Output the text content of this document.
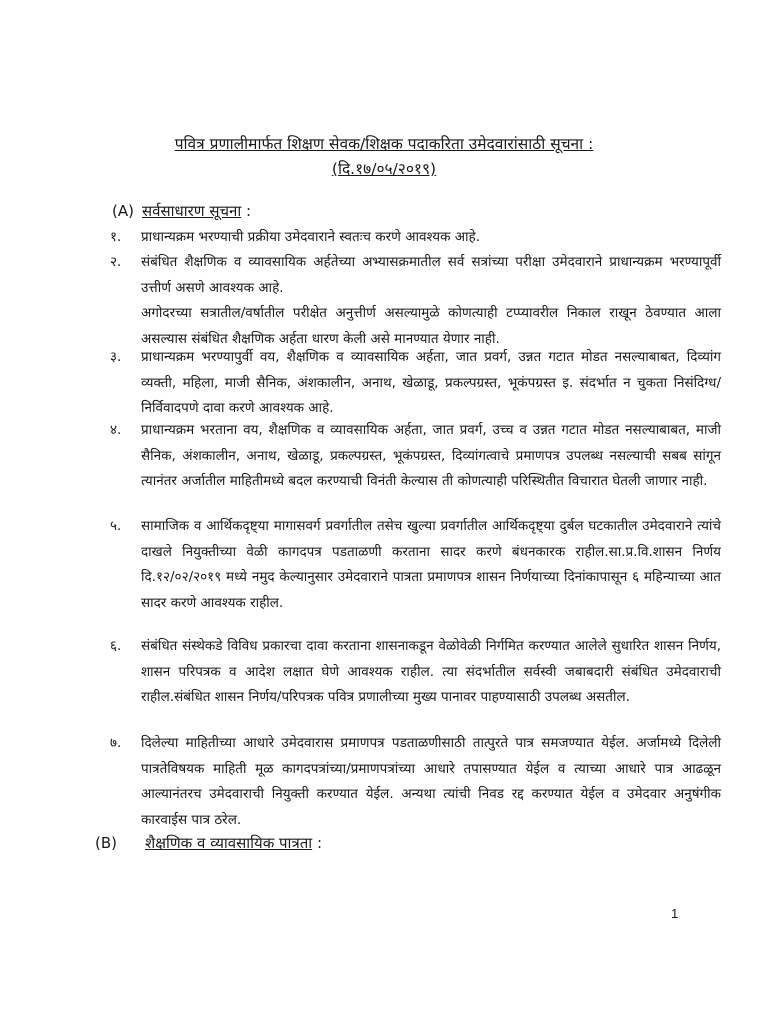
पवित्र प्रणालीमार्फत शिक्षण सेवक/शिक्षक पदाकरिता उमेदवारांसाठी सूचना :
(दि.१७/०५/२०१९)
(A) सर्वसाधारण सूचना :
१. प्राधान्यक्रम भरण्याची प्रक्रीया उमेदवाराने स्वतःच करणे आवश्यक आहे.

२. संबंधित शैक्षणिक व व्यावसायिक अर्हतेच्या अभ्यासक्रमातील सर्व सत्रांच्या परीक्षा उमेदवाराने प्राधान्यक्रम भरण्यापूर्वी उत्तीर्ण असणे आवश्यक आहे.

अगोदरच्या सत्रातील/वर्षातील परीक्षेत अनुत्तीर्ण असल्यामुळे कोणत्याही टप्प्यावरील निकाल राखून ठेवण्यात आला असल्यास संबंधित शैक्षणिक अर्हता धारण केली असे मानण्यात येणार नाही.

३. प्राधान्यक्रम भरण्यापुर्वी वय, शैक्षणिक व व्यावसायिक अर्हता, जात प्रवर्ग, उन्नत गटात मोडत नसल्याबाबत, दिव्यांग व्यक्ती, महिला, माजी सैनिक, अंशकालीन, अनाथ, खेळाडू, प्रकल्पग्रस्त, भूकंपग्रस्त इ. संदर्भात न चुकता निसंदिग्ध/निर्विवादपणे दावा करणे आवश्यक आहे.

४. प्राधान्यक्रम भरताना वय, शैक्षणिक व व्यावसायिक अर्हता, जात प्रवर्ग, उच्च व उन्नत गटात मोडत नसल्याबाबत, माजी सैनिक, अंशकालीन, अनाथ, खेळाडू, प्रकल्पग्रस्त, भूकंपग्रस्त, दिव्यांगत्वाचे प्रमाणपत्र उपलब्ध नसल्याची सबब सांगून त्यानंतर अर्जातील माहितीमध्ये बदल करण्याची विनंती केल्यास ती कोणत्याही परिस्थितीत विचारात घेतली जाणार नाही.

५. सामाजिक व आर्थिकदृष्ट्या मागासवर्ग प्रवर्गातील तसेच खुल्या प्रवर्गातील आर्थिकदृष्ट्या दुर्बल घटकातील उमेदवाराने त्यांचे दाखले नियुक्तीच्या वेळी कागदपत्र पडताळणी करताना सादर करणे बंधनकारक राहील.सा.प्र.वि.शासन निर्णय दि.१२/०२/२०१९ मध्ये नमुद केल्यानुसार उमेदवाराने पात्रता प्रमाणपत्र शासन निर्णयाच्या दिनांकापासून ६ महिन्याच्या आत सादर करणे आवश्यक राहील.

६. संबंधित संस्थेकडे विविध प्रकारचा दावा करताना शासनाकडून वेळोवेळी निर्गमित करण्यात आलेले सुधारित शासन निर्णय, शासन परिपत्रक व आदेश लक्षात घेणे आवश्यक राहील. त्या संदर्भातील सर्वस्वी जबाबदारी संबंधित उमेदवाराची राहील.संबंधित शासन निर्णय/परिपत्रक पवित्र प्रणालीच्या मुख्य पानावर पाहण्यासाठी उपलब्ध असतील.

७. दिलेल्या माहितीच्या आधारे उमेदवारास प्रमाणपत्र पडताळणीसाठी तात्पुरते पात्र समजण्यात येईल. अर्जामध्ये दिलेली पात्रतेविषयक माहिती मूळ कागदपत्रांच्या/प्रमाणपत्रांच्या आधारे तपासण्यात येईल व त्याच्या आधारे पात्र आढळून आल्यानंतरच उमेदवाराची नियुक्ती करण्यात येईल. अन्यथा त्यांची निवड रद्द करण्यात येईल व उमेदवार अनुषंगीक कारवाईस पात्र ठरेल.

(B) शैक्षणिक व व्यावसायिक पात्रता :
1
